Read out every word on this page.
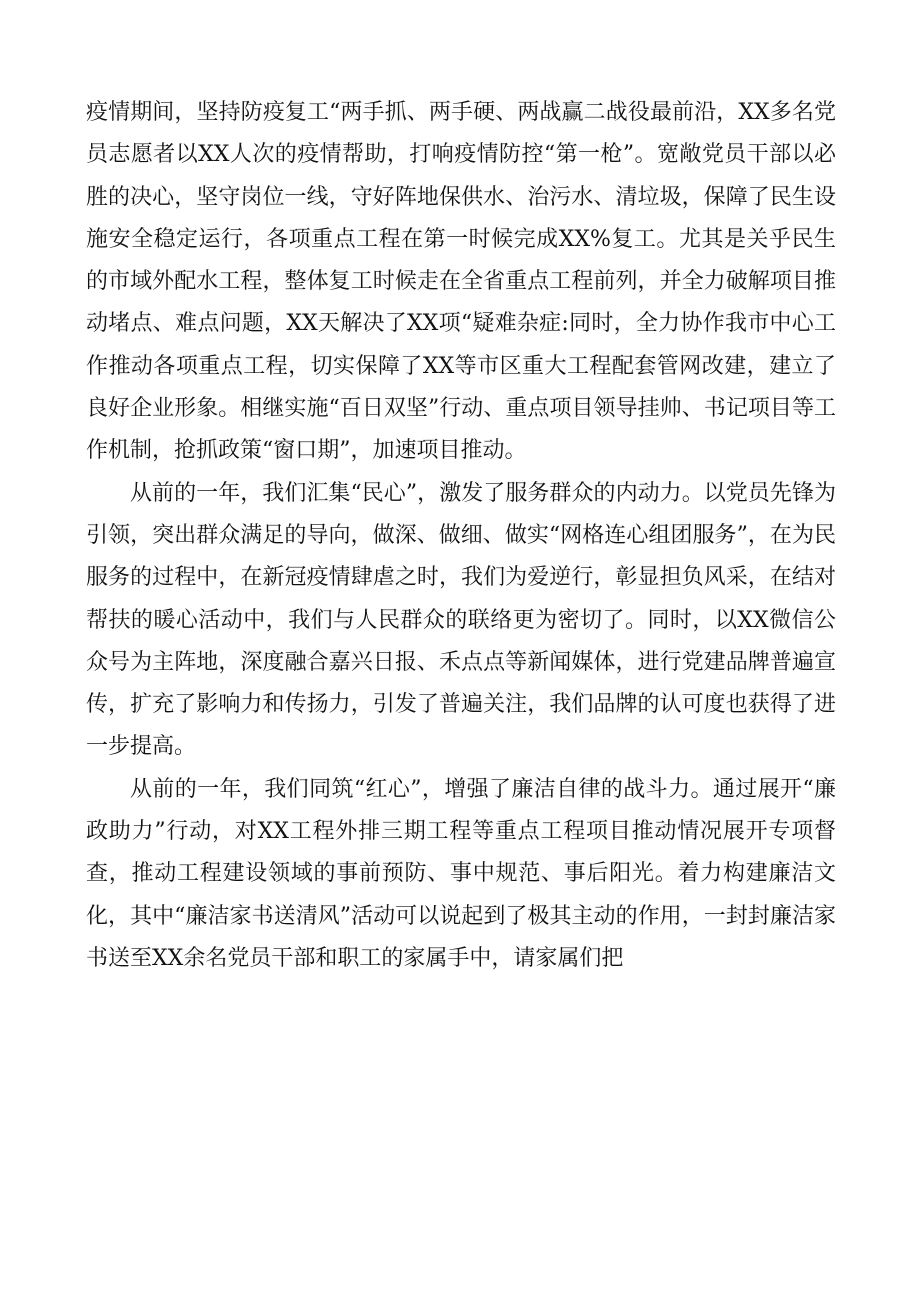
疫情期间，坚持防疫复工“两手抓、两手硬、两战赢二战役最前沿，XX多名党员志愿者以XX人次的疫情帮助，打响疫情防控“第一枪”。宽敞党员干部以必胜的决心，坚守岗位一线，守好阵地保供水、治污水、清垃圾，保障了民生设施安全稳定运行，各项重点工程在第一时候完成XX%复工。尤其是关乎民生的市域外配水工程，整体复工时候走在全省重点工程前列，并全力破解项目推动堵点、难点问题，XX天解决了XX项“疑难杂症:同时，全力协作我市中心工作推动各项重点工程，切实保障了XX等市区重大工程配套管网改建，建立了良好企业形象。相继实施“百日双坚”行动、重点项目领导挂帅、书记项目等工作机制，抢抓政策“窗口期”，加速项目推动。

从前的一年，我们汇集“民心”，激发了服务群众的内动力。以党员先锋为引领，突出群众满足的导向，做深、做细、做实“网格连心组团服务”，在为民服务的过程中，在新冠疫情肆虐之时，我们为爱逆行，彰显担负风采，在结对帮扶的暖心活动中，我们与人民群众的联络更为密切了。同时，以XX微信公众号为主阵地，深度融合嘉兴日报、禾点点等新闻媒体，进行党建品牌普遍宣传，扩充了影响力和传扬力，引发了普遍关注，我们品牌的认可度也获得了进一步提高。

从前的一年，我们同筑“红心”，增强了廉洁自律的战斗力。通过展开“廉政助力”行动，对XX工程外排三期工程等重点工程项目推动情况展开专项督查，推动工程建设领域的事前预防、事中规范、事后阳光。着力构建廉洁文化，其中“廉洁家书送清风”活动可以说起到了极其主动的作用，一封封廉洁家书送至XX余名党员干部和职工的家属手中，请家属们把
